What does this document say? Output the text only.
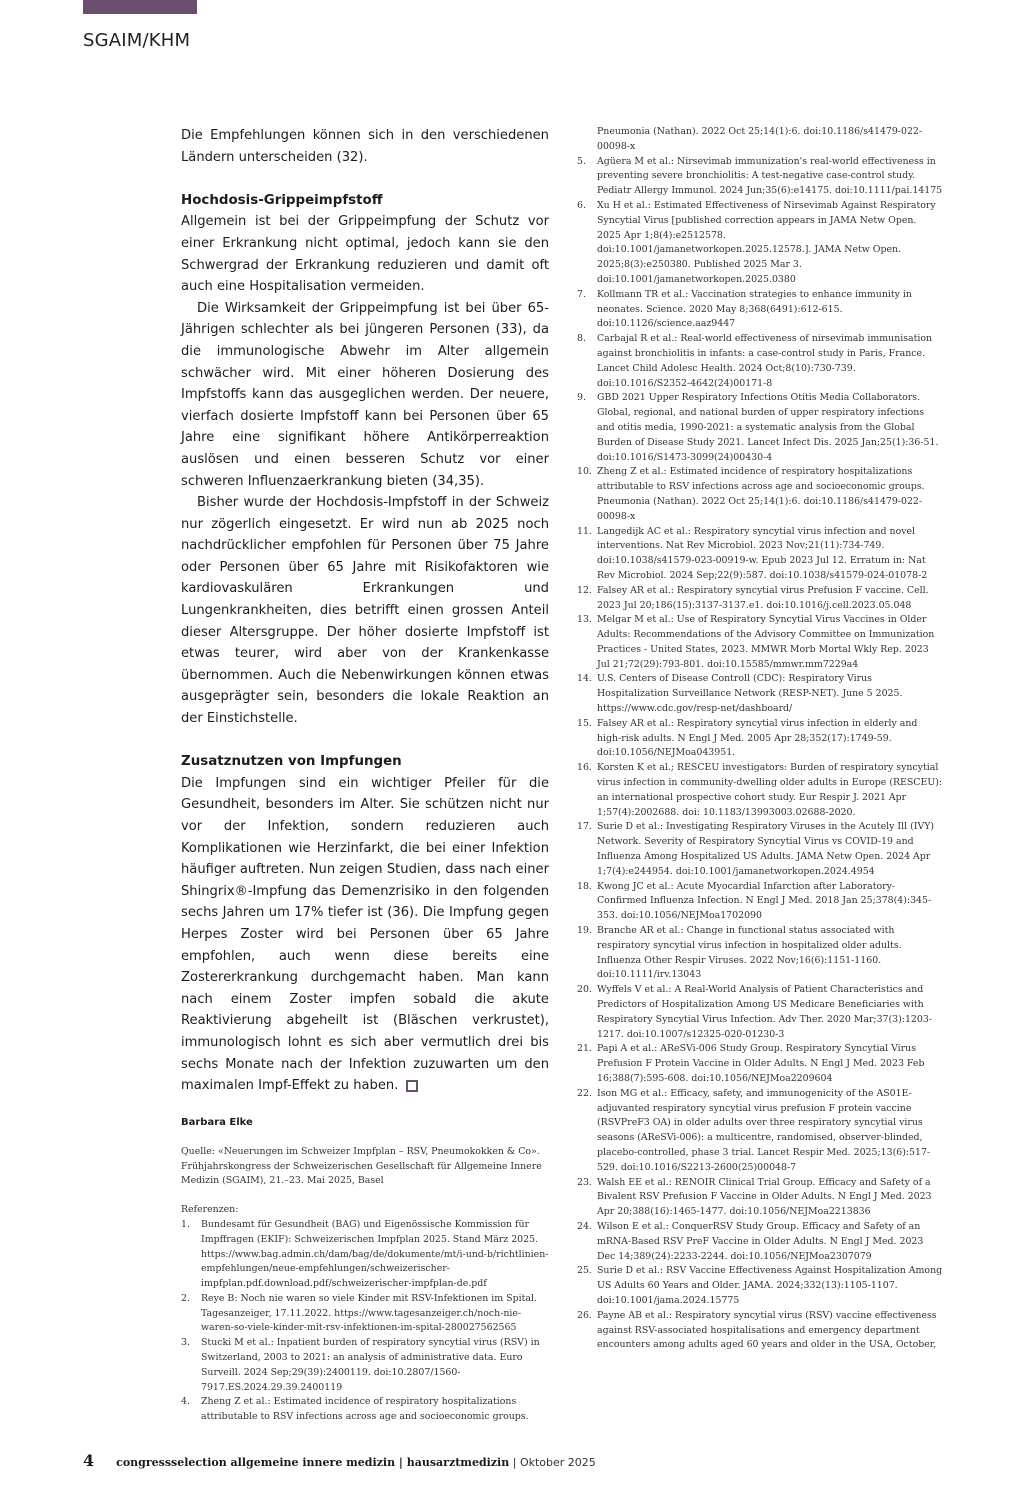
SGAIM/KHM

Die Empfehlungen können sich in den verschiedenen Ländern unterscheiden (32).

Hochdosis-Grippeimpfstoff

Allgemein ist bei der Grippeimpfung der Schutz vor einer Erkrankung nicht optimal, jedoch kann sie den Schwergrad der Erkrankung reduzieren und damit oft auch eine Hospitalisation vermeiden.

Die Wirksamkeit der Grippeimpfung ist bei über 65-Jährigen schlechter als bei jüngeren Personen (33), da die immunologische Abwehr im Alter allgemein schwächer wird. Mit einer höheren Dosierung des Impfstoffs kann das ausgeglichen werden. Der neuere, vierfach dosierte Impfstoff kann bei Personen über 65 Jahre eine signifikant höhere Antikörperreaktion auslösen und einen besseren Schutz vor einer schweren Influenzaerkrankung bieten (34,35).

Bisher wurde der Hochdosis-Impfstoff in der Schweiz nur zögerlich eingesetzt. Er wird nun ab 2025 noch nachdrücklicher empfohlen für Personen über 75 Jahre oder Personen über 65 Jahre mit Risikofaktoren wie kardiovaskulären Erkrankungen und Lungenkrankheiten, dies betrifft einen grossen Anteil dieser Altersgruppe. Der höher dosierte Impfstoff ist etwas teurer, wird aber von der Krankenkasse übernommen. Auch die Nebenwirkungen können etwas ausgeprägter sein, besonders die lokale Reaktion an der Einstichstelle.

Zusatznutzen von Impfungen

Die Impfungen sind ein wichtiger Pfeiler für die Gesundheit, besonders im Alter. Sie schützen nicht nur vor der Infektion, sondern reduzieren auch Komplikationen wie Herzinfarkt, die bei einer Infektion häufiger auftreten. Nun zeigen Studien, dass nach einer Shingrix®-Impfung das Demenzrisiko in den folgenden sechs Jahren um 17% tiefer ist (36). Die Impfung gegen Herpes Zoster wird bei Personen über 65 Jahre empfohlen, auch wenn diese bereits eine Zostererkrankung durchgemacht haben. Man kann nach einem Zoster impfen sobald die akute Reaktivierung abgeheilt ist (Bläschen verkrustet), immunologisch lohnt es sich aber vermutlich drei bis sechs Monate nach der Infektion zuzuwarten um den maximalen Impf-Effekt zu haben.

Barbara Elke
Quelle: «Neuerungen im Schweizer Impfplan – RSV, Pneumokokken & Co». Frühjahrskongress der Schweizerischen Gesellschaft für Allgemeine Innere Medizin (SGAIM), 21.–23. Mai 2025, Basel
Referenzen:
1. Bundesamt für Gesundheit (BAG) und Eigenössische Kommission für Impffragen (EKIF): Schweizerischen Impfplan 2025. Stand März 2025. https://www.bag.admin.ch/dam/bag/de/dokumente/mt/i-und-b/richtlinien-empfehlungen/neue-empfehlungen/schweizerischer-impfplan.pdf.download.pdf/schweizerischer-impfplan-de.pdf
2. Reye B: Noch nie waren so viele Kinder mit RSV-Infektionen im Spital. Tagesanzeiger, 17.11.2022. https://www.tagesanzeiger.ch/noch-nie-waren-so-viele-kinder-mit-rsv-infektionen-im-spital-280027562565
3. Stucki M et al.: Inpatient burden of respiratory syncytial virus (RSV) in Switzerland, 2003 to 2021: an analysis of administrative data. Euro Surveill. 2024 Sep;29(39):2400119. doi:10.2807/1560-7917.ES.2024.29.39.2400119
4. Zheng Z et al.: Estimated incidence of respiratory hospitalizations attributable to RSV infections across age and socioeconomic groups.
Pneumonia (Nathan). 2022 Oct 25;14(1):6. doi:10.1186/s41479-022-00098-x
5. Agüera M et al.: Nirsevimab immunization's real-world effectiveness in preventing severe bronchiolitis: A test-negative case-control study. Pediatr Allergy Immunol. 2024 Jun;35(6):e14175. doi:10.1111/pai.14175
6. Xu H et al.: Estimated Effectiveness of Nirsevimab Against Respiratory Syncytial Virus [published correction appears in JAMA Netw Open. 2025 Apr 1;8(4):e2512578. doi:10.1001/jamanetworkopen.2025.12578.]. JAMA Netw Open. 2025;8(3):e250380. Published 2025 Mar 3. doi:10.1001/jamanetworkopen.2025.0380
7. Kollmann TR et al.: Vaccination strategies to enhance immunity in neonates. Science. 2020 May 8;368(6491):612-615. doi:10.1126/science.aaz9447
8. Carbajal R et al.: Real-world effectiveness of nirsevimab immunisation against bronchiolitis in infants: a case-control study in Paris, France. Lancet Child Adolesc Health. 2024 Oct;8(10):730-739. doi:10.1016/S2352-4642(24)00171-8
9. GBD 2021 Upper Respiratory Infections Otitis Media Collaborators. Global, regional, and national burden of upper respiratory infections and otitis media, 1990-2021: a systematic analysis from the Global Burden of Disease Study 2021. Lancet Infect Dis. 2025 Jan;25(1):36-51. doi:10.1016/S1473-3099(24)00430-4
10. Zheng Z et al.: Estimated incidence of respiratory hospitalizations attributable to RSV infections across age and socioeconomic groups. Pneumonia (Nathan). 2022 Oct 25;14(1):6. doi:10.1186/s41479-022-00098-x
11. Langedijk AC et al.: Respiratory syncytial virus infection and novel interventions. Nat Rev Microbiol. 2023 Nov;21(11):734-749. doi:10.1038/s41579-023-00919-w. Epub 2023 Jul 12. Erratum in: Nat Rev Microbiol. 2024 Sep;22(9):587. doi:10.1038/s41579-024-01078-2
12. Falsey AR et al.: Respiratory syncytial virus Prefusion F vaccine. Cell. 2023 Jul 20;186(15):3137-3137.e1. doi:10.1016/j.cell.2023.05.048
13. Melgar M et al.: Use of Respiratory Syncytial Virus Vaccines in Older Adults: Recommendations of the Advisory Committee on Immunization Practices - United States, 2023. MMWR Morb Mortal Wkly Rep. 2023 Jul 21;72(29):793-801. doi:10.15585/mmwr.mm7229a4
14. U.S. Centers of Disease Controll (CDC): Respiratory Virus Hospitalization Surveillance Network (RESP-NET). June 5 2025. https://www.cdc.gov/resp-net/dashboard/
15. Falsey AR et al.: Respiratory syncytial virus infection in elderly and high-risk adults. N Engl J Med. 2005 Apr 28;352(17):1749-59. doi:10.1056/NEJMoa043951.
16. Korsten K et al.; RESCEU investigators: Burden of respiratory syncytial virus infection in community-dwelling older adults in Europe (RESCEU): an international prospective cohort study. Eur Respir J. 2021 Apr 1;57(4):2002688. doi: 10.1183/13993003.02688-2020.
17. Surie D et al.: Investigating Respiratory Viruses in the Acutely Ill (IVY) Network. Severity of Respiratory Syncytial Virus vs COVID-19 and Influenza Among Hospitalized US Adults. JAMA Netw Open. 2024 Apr 1;7(4):e244954. doi:10.1001/jamanetworkopen.2024.4954
18. Kwong JC et al.: Acute Myocardial Infarction after Laboratory-Confirmed Influenza Infection. N Engl J Med. 2018 Jan 25;378(4):345-353. doi:10.1056/NEJMoa1702090
19. Branche AR et al.: Change in functional status associated with respiratory syncytial virus infection in hospitalized older adults. Influenza Other Respir Viruses. 2022 Nov;16(6):1151-1160. doi:10.1111/irv.13043
20. Wyffels V et al.: A Real-World Analysis of Patient Characteristics and Predictors of Hospitalization Among US Medicare Beneficiaries with Respiratory Syncytial Virus Infection. Adv Ther. 2020 Mar;37(3):1203-1217. doi:10.1007/s12325-020-01230-3
21. Papi A et al.: AReSVi-006 Study Group. Respiratory Syncytial Virus Prefusion F Protein Vaccine in Older Adults. N Engl J Med. 2023 Feb 16;388(7):595-608. doi:10.1056/NEJMoa2209604
22. Ison MG et al.: Efficacy, safety, and immunogenicity of the AS01E-adjuvanted respiratory syncytial virus prefusion F protein vaccine (RSVPreF3 OA) in older adults over three respiratory syncytial virus seasons (AReSVi-006): a multicentre, randomised, observer-blinded, placebo-controlled, phase 3 trial. Lancet Respir Med. 2025;13(6):517-529. doi:10.1016/S2213-2600(25)00048-7
23. Walsh EE et al.: RENOIR Clinical Trial Group. Efficacy and Safety of a Bivalent RSV Prefusion F Vaccine in Older Adults. N Engl J Med. 2023 Apr 20;388(16):1465-1477. doi:10.1056/NEJMoa2213836
24. Wilson E et al.: ConquerRSV Study Group. Efficacy and Safety of an mRNA-Based RSV PreF Vaccine in Older Adults. N Engl J Med. 2023 Dec 14;389(24):2233-2244. doi:10.1056/NEJMoa2307079
25. Surie D et al.: RSV Vaccine Effectiveness Against Hospitalization Among US Adults 60 Years and Older. JAMA. 2024;332(13):1105-1107. doi:10.1001/jama.2024.15775
26. Payne AB et al.: Respiratory syncytial virus (RSV) vaccine effectiveness against RSV-associated hospitalisations and emergency department encounters among adults aged 60 years and older in the USA, October,
4 congressselection allgemeine innere medizin | hausarztmedizin | Oktober 2025
